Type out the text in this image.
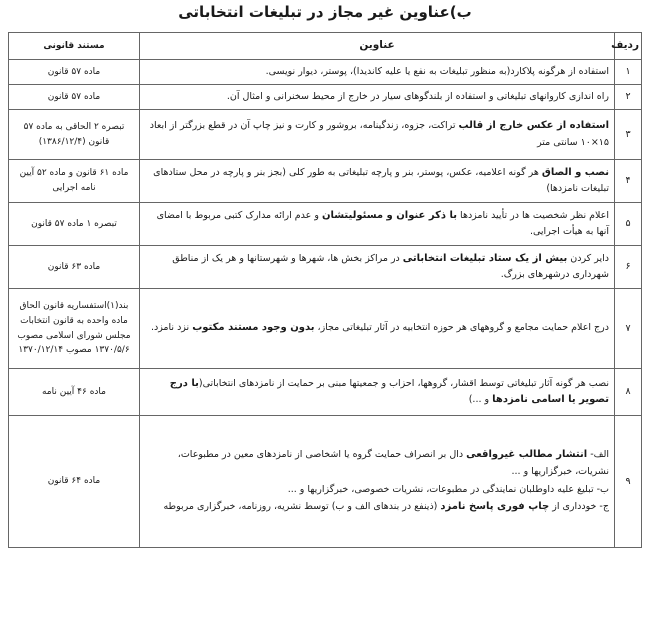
ب)عناوین غیر مجاز در تبلیغات انتخاباتی
ردیف	عناوین	مستند قانونی
۱	استفاده از هرگونه پلاکارد(به منظور تبلیغات به نفع یا علیه کاندیدا)، پوستر، دیوار نویسی.	ماده ۵۷ قانون
۲	راه اندازی کاروانهای تبلیغاتی و استفاده از بلندگوهای سیار در خارج از محیط سخنرانی و امثال آن.	ماده ۵۷ قانون
۳	استفاده از عکس خارج از قالب تراکت، جزوه، زندگینامه، بروشور و کارت و نیز چاپ آن در قطع بزرگتر از ابعاد ۱۵×۱۰ سانتی متر	تبصره ۲ الحاقی به ماده ۵۷ قانون (۱۳۸۶/۱۲/۴)
۴	نصب و الصاق هر گونه اعلامیه، عکس، پوستر، بنر و پارچه تبلیغاتی به طور کلی (بجز بنر و پارچه در محل ستادهای تبلیغات نامزدها)	ماده ۶۱ قانون و ماده ۵۲ آیین نامه اجرایی
۵	اعلام نظر شخصیت ها در تأیید نامزدها با ذکر عنوان و مسئولیتشان و عدم ارائه مدارک کتبی مربوط با امضای آنها به هیأت اجرایی.	تبصره ۱ ماده ۵۷ قانون
۶	دایر کردن بیش از یک ستاد تبلیغات انتخاباتی در مراکز بخش ها، شهرها و شهرستانها و هر یک از مناطق شهرداری درشهرهای بزرگ.	ماده ۶۳ قانون
۷	درج اعلام حمایت مجامع و گروههای هر حوزه انتخابیه در آثار تبلیغاتی مجاز، بدون وجود مستند مکتوب نزد نامزد.	بند(۱)استفساریه قانون الحاق ماده واحده به قانون انتخابات مجلس شورای اسلامی مصوب ۱۳۷۰/۵/۶ مصوب ۱۳۷۰/۱۲/۱۴
۸	نصب هر گونه آثار تبلیغاتی توسط اقشار، گروهها، احزاب و جمعیتها مبنی بر حمایت از نامزدهای انتخاباتی(با درج تصویر یا اسامی نامزدها و ...)	ماده ۴۶ آیین نامه
۹	الف- انتشار مطالب غیرواقعی دال بر انصراف حمایت گروه یا اشخاصی از نامزدهای معین در مطبوعات، نشریات، خبرگزاریها و ...

ب- تبلیغ علیه داوطلبان نمایندگی در مطبوعات، نشریات خصوصی، خبرگزاریها و ...

ج- خودداری از چاپ فوری پاسخ نامزد (ذینفع در بندهای الف و ب) توسط نشریه، روزنامه، خبرگزاری مربوطه	ماده ۶۴ قانون
